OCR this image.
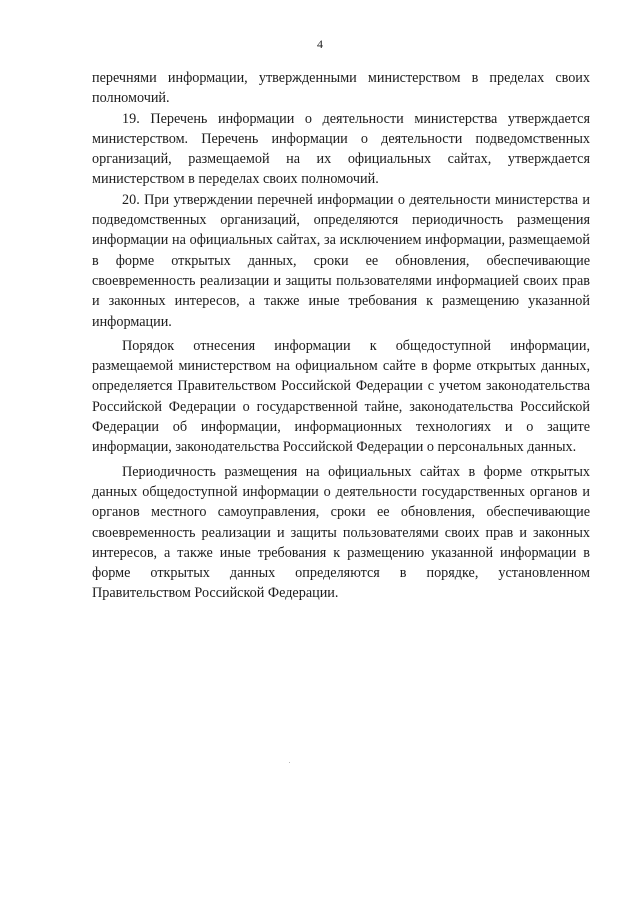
4

перечнями информации, утвержденными министерством в пределах своих полномочий.

19. Перечень информации о деятельности министерства утверждается министерством. Перечень информации о деятельности подведомственных организаций, размещаемой на их официальных сайтах, утверждается министерством в переделах своих полномочий.

20. При утверждении перечней информации о деятельности министерства и подведомственных организаций, определяются периодичность размещения информации на официальных сайтах, за исключением информации, размещаемой в форме открытых данных, сроки ее обновления, обеспечивающие своевременность реализации и защиты пользователями информацией своих прав и законных интересов, а также иные требования к размещению указанной информации.

Порядок отнесения информации к общедоступной информации, размещаемой министерством на официальном сайте в форме открытых данных, определяется Правительством Российской Федерации с учетом законодательства Российской Федерации о государственной тайне, законодательства Российской Федерации об информации, информационных технологиях и о защите информации, законодательства Российской Федерации о персональных данных.

Периодичность размещения на официальных сайтах в форме открытых данных общедоступной информации о деятельности государственных органов и органов местного самоуправления, сроки ее обновления, обеспечивающие своевременность реализации и защиты пользователями своих прав и законных интересов, а также иные требования к размещению указанной информации в форме открытых данных определяются в порядке, установленном Правительством Российской Федерации.
